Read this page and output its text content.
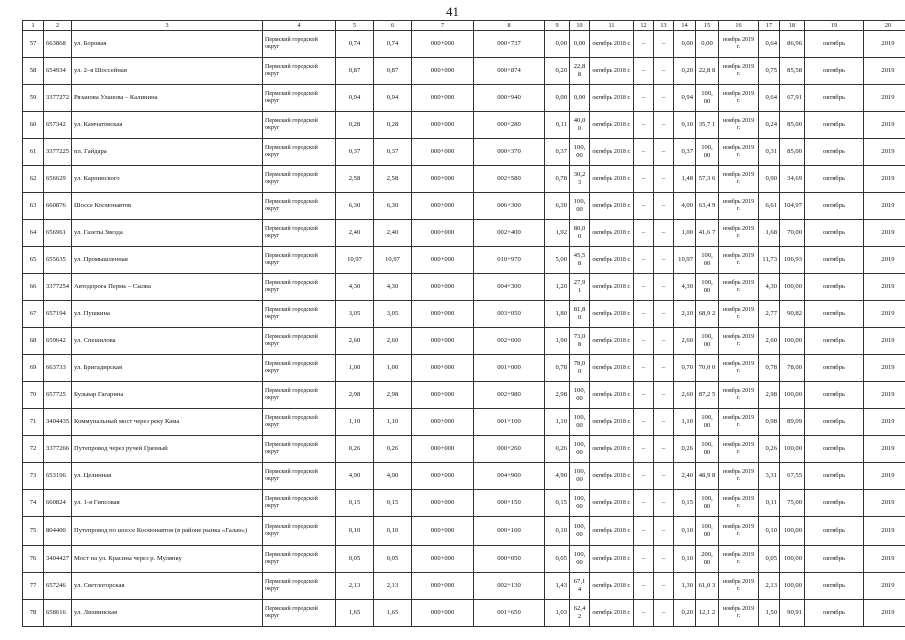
41
1	2	3	4	5	6	7	8	9	10	11	12	13	14	15	16	17	18	19	20
57	663868	ул. Боровая	Пермский городской округ	0,74	0,74	000+000	000+737	0,00	0,00	октябрь 2018 г.	–	–	0,00	0,00	ноябрь 2019 г.	0,64	86,96	октябрь	2019
58	654934	ул. 2–я Шоссейная	Пермский городской округ	0,87	0,87	000+000	000+874	0,20	22,8 8	октябрь 2018 г.	–	–	0,20	22,8 8	ноябрь 2019 г.	0,75	85,58	октябрь	2019
59	3377272	Рязанова Уланова – Калинина	Пермский городской округ	0,94	0,94	000+000	000+940	0,00	0,00	октябрь 2018 г.	–	–	0,94	100, 00	ноябрь 2019 г.	0,64	67,91	октябрь	2019
60	657342	ул. Камчатовская	Пермский городской округ	0,28	0,28	000+000	000+280	0,11	40,0 0	октябрь 2018 г.	–	–	0,10	35,7 1	ноябрь 2019 г.	0,24	85,00	октябрь	2019
61	3377225	пл. Гайдара	Пермский городской округ	0,37	0,37	000+000	000+370	0,37	100, 00	октябрь 2018 г.	–	–	0,37	100, 00	ноябрь 2019 г.	0,31	85,00	октябрь	2019
62	656629	ул. Карпинского	Пермский городской округ	2,58	2,58	000+000	002+580	0,78	30,2 3	октябрь 2018 г.	–	–	1,48	57,3 6	ноябрь 2019 г.	0,90	34,69	октябрь	2019
63	660876	Шоссе Космонавтов	Пермский городской округ	6,30	6,30	000+000	006+300	6,30	100, 00	октябрь 2018 г.	–	–	4,00	63,4 9	ноябрь 2019 г.	6,61	104,97	октябрь	2019
64	656961	ул. Газеты Звезда	Пермский городской округ	2,40	2,40	000+000	002+400	1,92	80,0 0	октябрь 2018 г.	–	–	1,00	41,6 7	ноябрь 2019 г.	1,68	70,00	октябрь	2019
65	655635	ул. Промышленная	Пермский городской округ	10,97	10,97	000+000	010+970	5,00	45,5 8	октябрь 2018 г.	–	–	10,97	100, 00	ноябрь 2019 г.	11,73	106,93	октябрь	2019
66	3377254	Автодорога Пермь – Сылва	Пермский городской округ	4,30	4,30	000+000	004+300	1,20	27,9 1	октябрь 2018 г.	–	–	4,30	100, 00	ноябрь 2019 г.	4,30	100,00	октябрь	2019
67	657194	ул. Пушкина	Пермский городской округ	3,05	3,05	000+000	003+050	1,80	81,8 0	октябрь 2018 г.	–	–	2,10	68,9 2	ноябрь 2019 г.	2,77	90,82	октябрь	2019
68	659642	ул. Спешилова	Пермский городской округ	2,60	2,60	000+000	002+600	1,90	73,0 8	октябрь 2018 г.	–	–	2,60	100, 00	ноябрь 2019 г.	2,60	100,00	октябрь	2019
69	663733	ул. Бригадирская	Пермский городской округ	1,00	1,00	000+000	001+000	0,78	78,0 0	октябрь 2018 г.	–	–	0,70	70,0 0	ноябрь 2019 г.	0,78	78,00	октябрь	2019
70	657725	Бульвар Гагарина	Пермский городской округ	2,98	2,98	000+000	002+980	2,98	100, 00	октябрь 2018 г.	–	–	2,60	87,2 5	ноябрь 2019 г.	2,98	100,00	октябрь	2019
71	3404435	Коммунальный мост через реку Кама	Пермский городской округ	1,10	1,10	000+000	001+100	1,10	100, 00	октябрь 2018 г.	–	–	1,10	100, 00	ноябрь 2019 г.	0,98	89,09	октябрь	2019
72	3377266	Путепровод через ручей Грязный	Пермский городской округ	0,26	0,26	000+000	000+260	0,26	100, 00	октябрь 2018 г.	–	–	0,26	100, 00	ноябрь 2019 г.	0,26	100,00	октябрь	2019
73	653196	ул. Целинная	Пермский городской округ	4,90	4,90	000+000	004+900	4,90	100, 00	октябрь 2018 г.	–	–	2,40	48,9 8	ноябрь 2019 г.	3,31	67,55	октябрь	2019
74	660824	ул. 1-я Гипсовая	Пермский городской округ	0,15	0,15	000+000	000+150	0,15	100, 00	октябрь 2018 г.	–	–	0,15	100, 00	ноябрь 2019 г.	0,11	75,00	октябрь	2019
75	804400	Путепровод по шоссе Космонавтов (в районе рынка «Галан»)	Пермский городской округ	0,10	0,10	000+000	000+100	0,10	100, 00	октябрь 2018 г.	–	–	0,10	100, 00	ноябрь 2019 г.	0,10	100,00	октябрь	2019
76	3404427	Мост на ул. Красина через р. Мулянку	Пермский городской округ	0,05	0,05	000+000	000+050	0,05	100, 00	октябрь 2018 г.	–	–	0,10	200, 00	ноябрь 2019 г.	0,05	100,00	октябрь	2019
77	657246	ул. Светлогорская	Пермский городской округ	2,13	2,13	000+000	002+130	1,43	67,1 4	октябрь 2018 г.	–	–	1,30	61,0 3	ноябрь 2019 г.	2,13	100,00	октябрь	2019
78	658616	ул. Лихвинская	Пермский городской округ	1,65	1,65	000+000	001+650	1,03	62,4 2	октябрь 2018 г.	–	–	0,20	12,1 2	ноябрь 2019 г.	1,50	90,91	октябрь	2019
